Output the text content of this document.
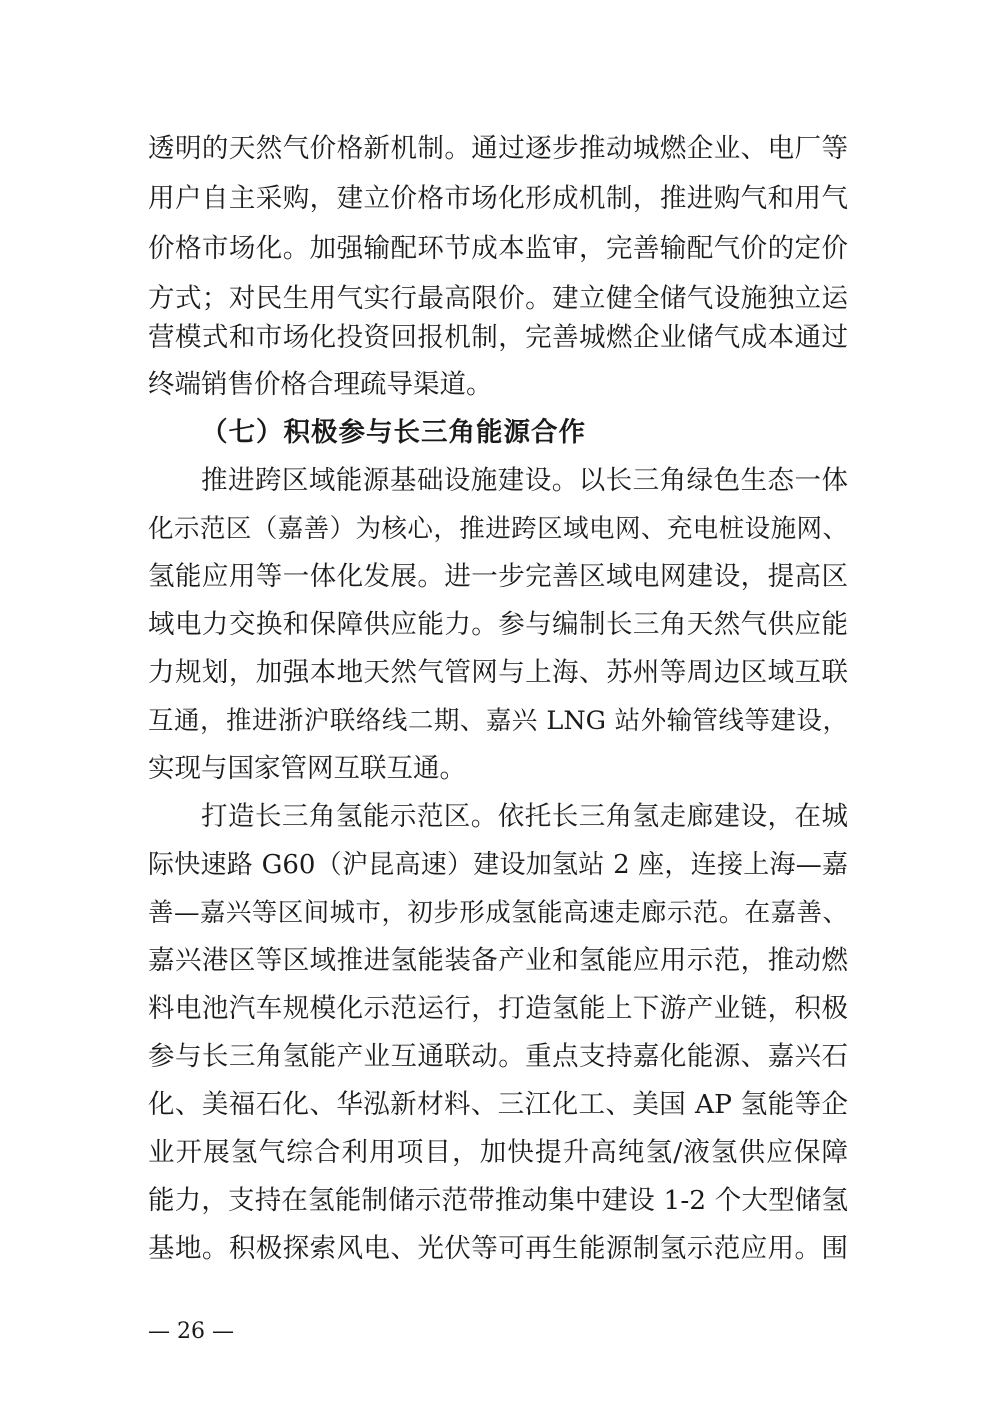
透明的天然气价格新机制。通过逐步推动城燃企业、电厂等
用户自主采购，建立价格市场化形成机制，推进购气和用气
价格市场化。加强输配环节成本监审，完善输配气价的定价
方式；对民生用气实行最高限价。建立健全储气设施独立运
营模式和市场化投资回报机制，完善城燃企业储气成本通过
终端销售价格合理疏导渠道。
（七）积极参与长三角能源合作
推进跨区域能源基础设施建设。以长三角绿色生态一体
化示范区（嘉善）为核心，推进跨区域电网、充电桩设施网、
氢能应用等一体化发展。进一步完善区域电网建设，提高区
域电力交换和保障供应能力。参与编制长三角天然气供应能
力规划，加强本地天然气管网与上海、苏州等周边区域互联
互通，推进浙沪联络线二期、嘉兴 LNG 站外输管线等建设，
实现与国家管网互联互通。
打造长三角氢能示范区。依托长三角氢走廊建设，在城
际快速路 G60（沪昆高速）建设加氢站 2 座，连接上海—嘉
善—嘉兴等区间城市，初步形成氢能高速走廊示范。在嘉善、
嘉兴港区等区域推进氢能装备产业和氢能应用示范，推动燃
料电池汽车规模化示范运行，打造氢能上下游产业链，积极
参与长三角氢能产业互通联动。重点支持嘉化能源、嘉兴石
化、美福石化、华泓新材料、三江化工、美国 AP 氢能等企
业开展氢气综合利用项目，加快提升高纯氢/液氢供应保障
能力，支持在氢能制储示范带推动集中建设 1-2 个大型储氢
基地。积极探索风电、光伏等可再生能源制氢示范应用。围
— 26 —
